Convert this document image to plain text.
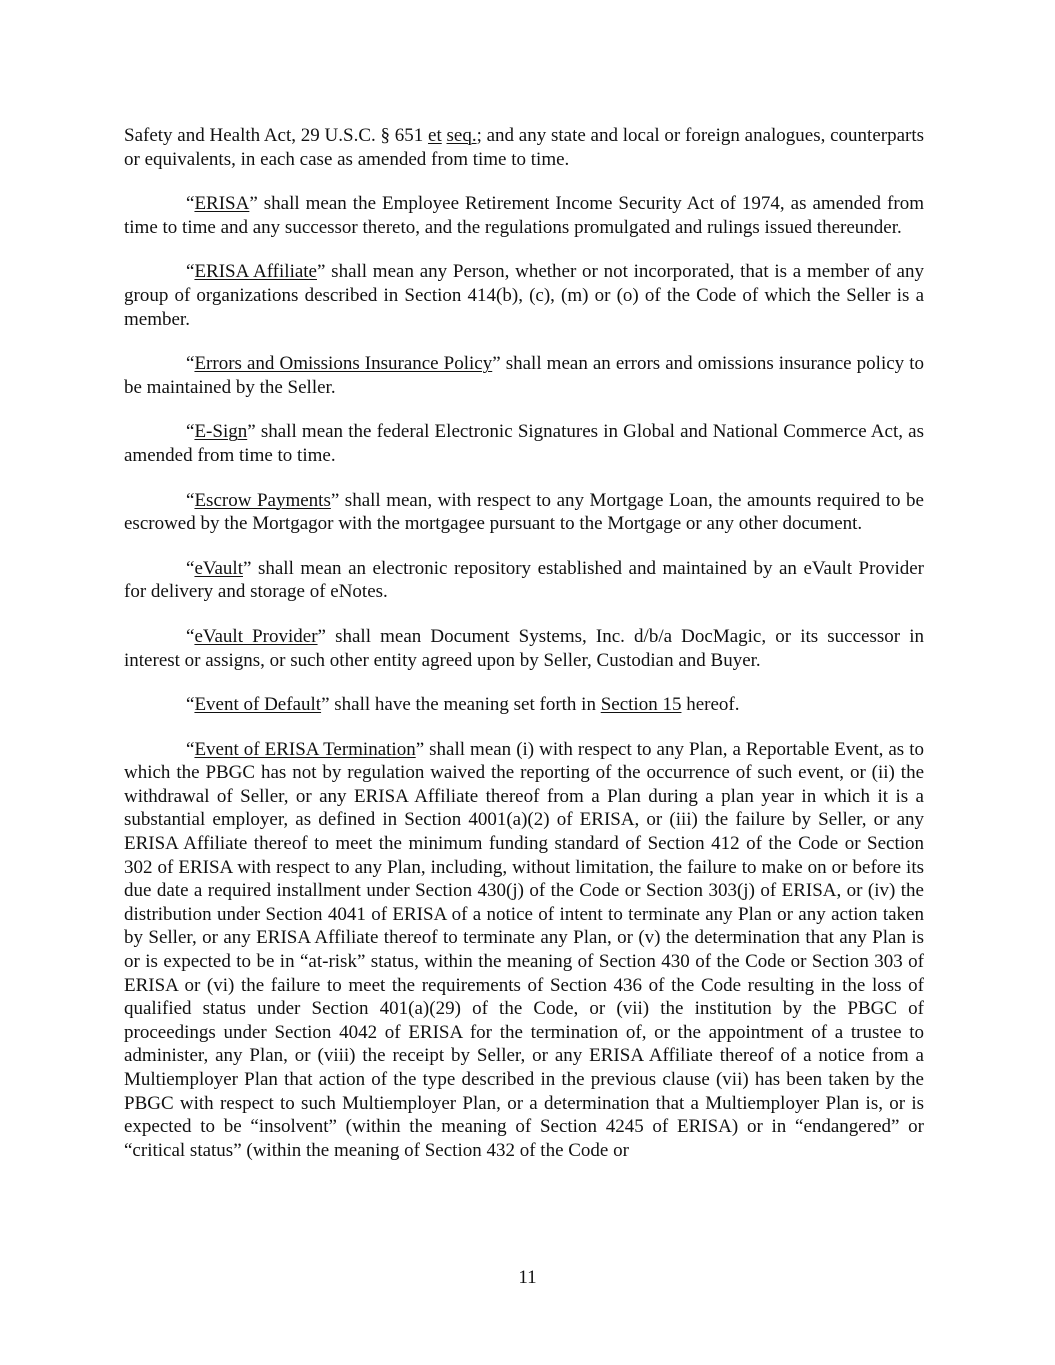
Safety and Health Act, 29 U.S.C. § 651 et seq.; and any state and local or foreign analogues, counterparts or equivalents, in each case as amended from time to time.

“ERISA” shall mean the Employee Retirement Income Security Act of 1974, as amended from time to time and any successor thereto, and the regulations promulgated and rulings issued thereunder.

“ERISA Affiliate” shall mean any Person, whether or not incorporated, that is a member of any group of organizations described in Section 414(b), (c), (m) or (o) of the Code of which the Seller is a member.

“Errors and Omissions Insurance Policy” shall mean an errors and omissions insurance policy to be maintained by the Seller.

“E-Sign” shall mean the federal Electronic Signatures in Global and National Commerce Act, as amended from time to time.

“Escrow Payments” shall mean, with respect to any Mortgage Loan, the amounts required to be escrowed by the Mortgagor with the mortgagee pursuant to the Mortgage or any other document.

“eVault” shall mean an electronic repository established and maintained by an eVault Provider for delivery and storage of eNotes.

“eVault Provider” shall mean Document Systems, Inc. d/b/a DocMagic, or its successor in interest or assigns, or such other entity agreed upon by Seller, Custodian and Buyer.

“Event of Default” shall have the meaning set forth in Section 15 hereof.

“Event of ERISA Termination” shall mean (i) with respect to any Plan, a Reportable Event, as to which the PBGC has not by regulation waived the reporting of the occurrence of such event, or (ii) the withdrawal of Seller, or any ERISA Affiliate thereof from a Plan during a plan year in which it is a substantial employer, as defined in Section 4001(a)(2) of ERISA, or (iii) the failure by Seller, or any ERISA Affiliate thereof to meet the minimum funding standard of Section 412 of the Code or Section 302 of ERISA with respect to any Plan, including, without limitation, the failure to make on or before its due date a required installment under Section 430(j) of the Code or Section 303(j) of ERISA, or (iv) the distribution under Section 4041 of ERISA of a notice of intent to terminate any Plan or any action taken by Seller, or any ERISA Affiliate thereof to terminate any Plan, or (v) the determination that any Plan is or is expected to be in “at-risk” status, within the meaning of Section 430 of the Code or Section 303 of ERISA or (vi) the failure to meet the requirements of Section 436 of the Code resulting in the loss of qualified status under Section 401(a)(29) of the Code, or (vii) the institution by the PBGC of proceedings under Section 4042 of ERISA for the termination of, or the appointment of a trustee to administer, any Plan, or (viii) the receipt by Seller, or any ERISA Affiliate thereof of a notice from a Multiemployer Plan that action of the type described in the previous clause (vii) has been taken by the PBGC with respect to such Multiemployer Plan, or a determination that a Multiemployer Plan is, or is expected to be “insolvent” (within the meaning of Section 4245 of ERISA) or in “endangered” or “critical status” (within the meaning of Section 432 of the Code or

11
